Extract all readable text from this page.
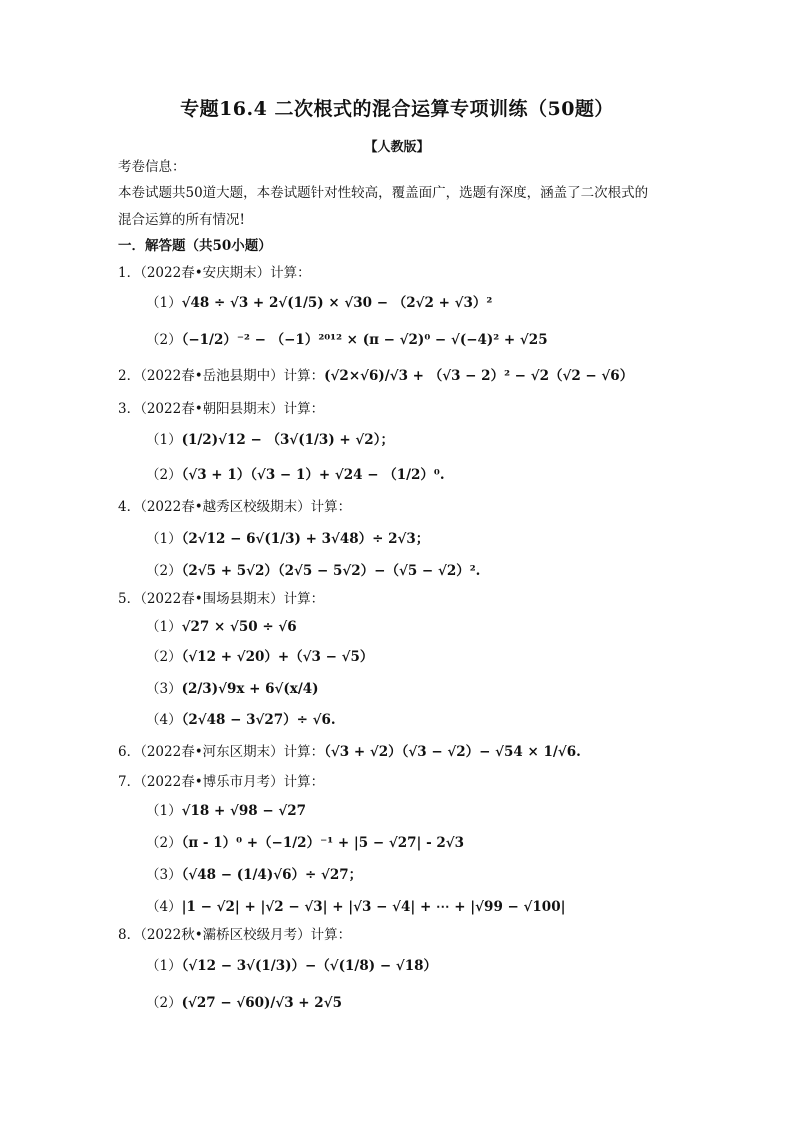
专题16.4 二次根式的混合运算专项训练（50题）
【人教版】
考卷信息：
本卷试题共50道大题，本卷试题针对性较高，覆盖面广，选题有深度，涵盖了二次根式的
混合运算的所有情况!
一．解答题（共50小题）
1．（2022春•安庆期末）计算：
（1）√48 ÷ √3 + 2√(1/5) × √30 − （2√2 + √3）²
（2）（−1/2）⁻² − （−1）²⁰¹² × (π − √2)⁰ − √(−4)² + √25
2．（2022春•岳池县期中）计算：(√2×√6)/√3 + （√3 − 2）² − √2（√2 − √6）
3．（2022春•朝阳县期末）计算：
（1）(1/2)√12 − （3√(1/3) + √2）；
（2）（√3 + 1）（√3 − 1）+ √24 − （1/2）⁰.
4．（2022春•越秀区校级期末）计算：
（1）（2√12 − 6√(1/3) + 3√48）÷ 2√3；
（2）（2√5 + 5√2）（2√5 − 5√2）−（√5 − √2）².
5．（2022春•围场县期末）计算：
（1）√27 × √50 ÷ √6
（2）（√12 + √20）+（√3 − √5）
（3）(2/3)√9x + 6√(x/4)
（4）（2√48 − 3√27）÷ √6.
6．（2022春•河东区期末）计算：（√3 + √2）（√3 − √2）− √54 × 1/√6.
7．（2022春•博乐市月考）计算：
（1）√18 + √98 − √27
（2）（π - 1）⁰ +（−1/2）⁻¹ + |5 − √27| - 2√3
（3）（√48 − (1/4)√6）÷ √27；
（4）|1 − √2| + |√2 − √3| + |√3 − √4| + ⋯ + |√99 − √100|
8．（2022秋•灞桥区校级月考）计算：
（1）（√12 − 3√(1/3)）−（√(1/8) − √18）
（2）(√27 − √60)/√3 + 2√5
